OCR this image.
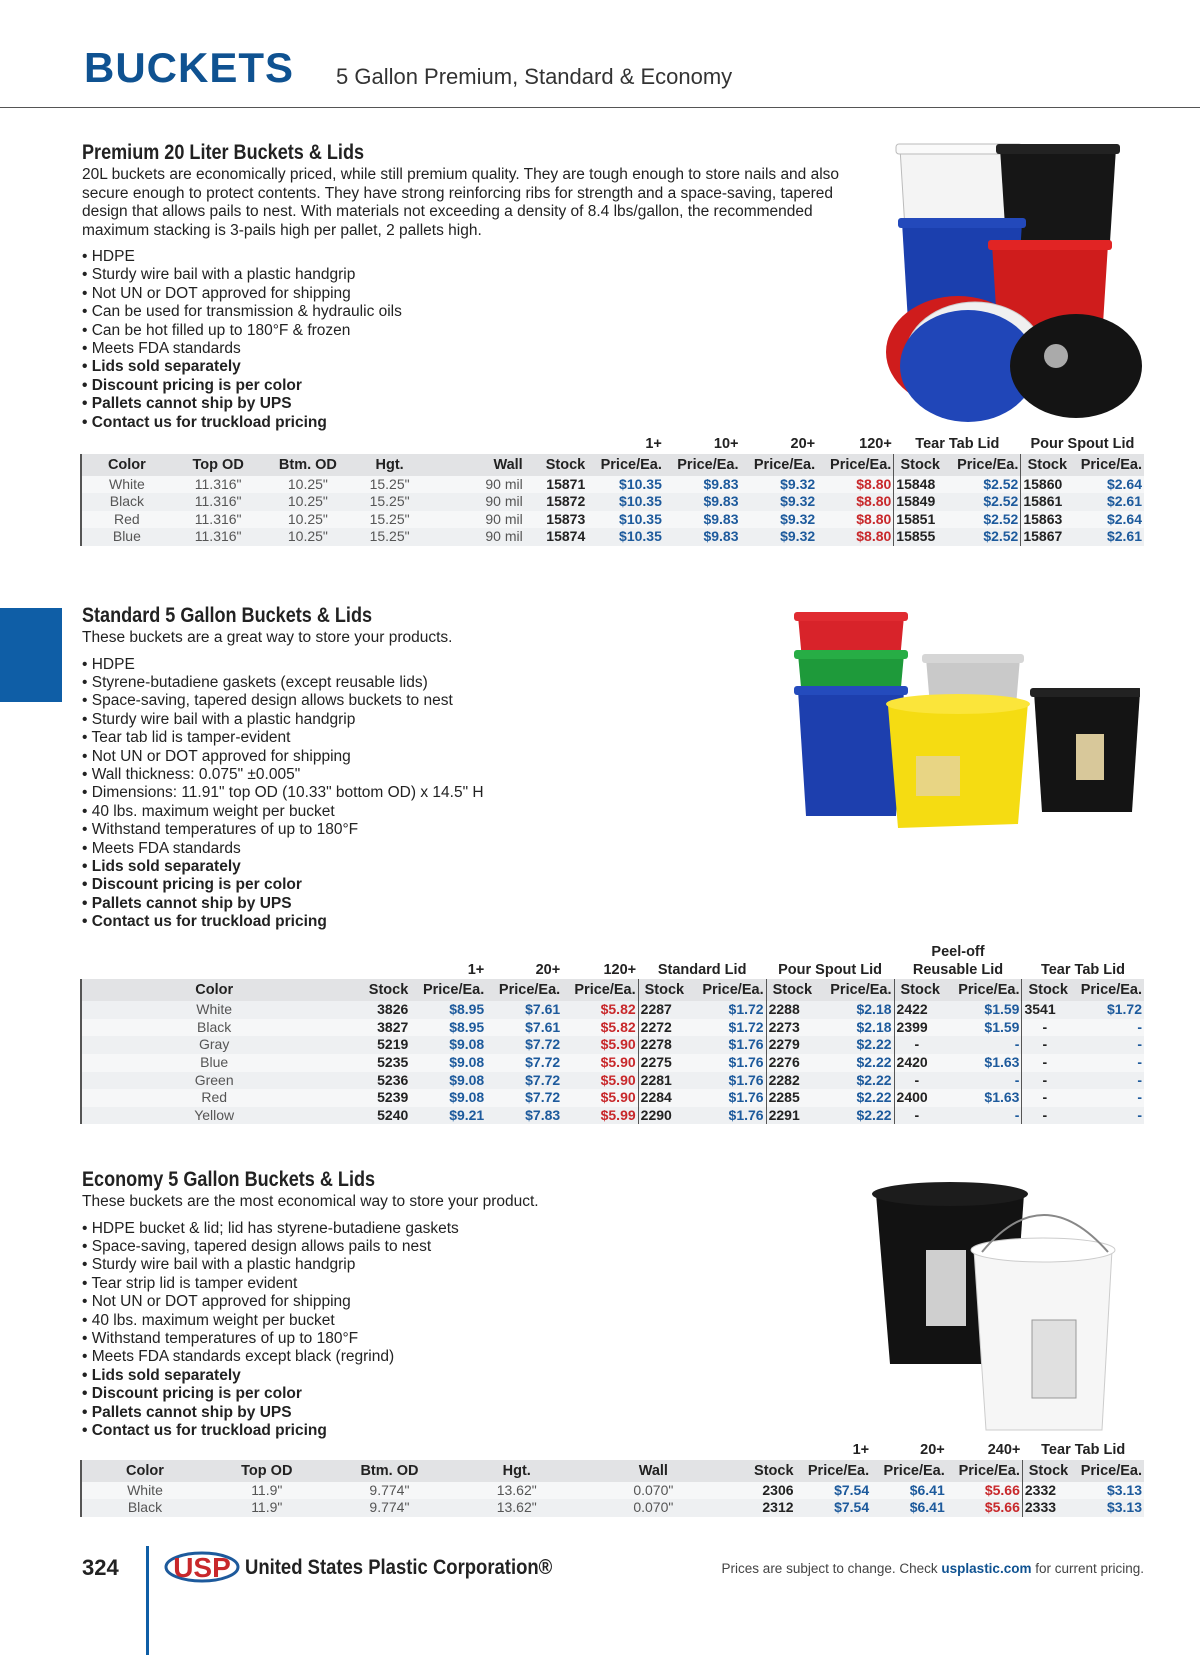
BUCKETS 5 Gallon Premium, Standard & Economy
Premium 20 Liter Buckets & Lids
20L buckets are economically priced, while still premium quality. They are tough enough to store nails and also secure enough to protect contents. They have strong reinforcing ribs for strength and a space-saving, tapered design that allows pails to nest. With materials not exceeding a density of 8.4 lbs/gallon, the recommended maximum stacking is 3-pails high per pallet, 2 pallets high.
• HDPE
• Sturdy wire bail with a plastic handgrip
• Not UN or DOT approved for shipping
• Can be used for transmission & hydraulic oils
• Can be hot filled up to 180°F & frozen
• Meets FDA standards
• Lids sold separately
• Discount pricing is per color
• Pallets cannot ship by UPS
• Contact us for truckload pricing
						1+	10+	20+	120+	Tear Tab Lid		Pour Spout Lid	
Color	Top OD	Btm. OD	Hgt.	Wall	Stock	Price/Ea.	Price/Ea.	Price/Ea.	Price/Ea.	Stock	Price/Ea.	Stock	Price/Ea.
White	11.316"	10.25"	15.25"	90 mil	15871	$10.35	$9.83	$9.32	$8.80	15848	$2.52	15860	$2.64
Black	11.316"	10.25"	15.25"	90 mil	15872	$10.35	$9.83	$9.32	$8.80	15849	$2.52	15861	$2.61
Red	11.316"	10.25"	15.25"	90 mil	15873	$10.35	$9.83	$9.32	$8.80	15851	$2.52	15863	$2.64
Blue	11.316"	10.25"	15.25"	90 mil	15874	$10.35	$9.83	$9.32	$8.80	15855	$2.52	15867	$2.61
Standard 5 Gallon Buckets & Lids
These buckets are a great way to store your products.
• HDPE
• Styrene-butadiene gaskets (except reusable lids)
• Space-saving, tapered design allows buckets to nest
• Sturdy wire bail with a plastic handgrip
• Tear tab lid is tamper-evident
• Not UN or DOT approved for shipping
• Wall thickness: 0.075" ±0.005"
• Dimensions: 11.91" top OD (10.33" bottom OD) x 14.5" H
• 40 lbs. maximum weight per bucket
• Withstand temperatures of up to 180°F
• Meets FDA standards
• Lids sold separately
• Discount pricing is per color
• Pallets cannot ship by UPS
• Contact us for truckload pricing
									Peel-off			
		1+	20+	120+	Standard Lid		Pour Spout Lid		Reusable Lid		Tear Tab Lid	
Color	Stock	Price/Ea.	Price/Ea.	Price/Ea.	Stock	Price/Ea.	Stock	Price/Ea.	Stock	Price/Ea.	Stock	Price/Ea.
White	3826	$8.95	$7.61	$5.82	2287	$1.72	2288	$2.18	2422	$1.59	3541	$1.72
Black	3827	$8.95	$7.61	$5.82	2272	$1.72	2273	$2.18	2399	$1.59	-	-
Gray	5219	$9.08	$7.72	$5.90	2278	$1.76	2279	$2.22	-	-	-	-
Blue	5235	$9.08	$7.72	$5.90	2275	$1.76	2276	$2.22	2420	$1.63	-	-
Green	5236	$9.08	$7.72	$5.90	2281	$1.76	2282	$2.22	-	-	-	-
Red	5239	$9.08	$7.72	$5.90	2284	$1.76	2285	$2.22	2400	$1.63	-	-
Yellow	5240	$9.21	$7.83	$5.99	2290	$1.76	2291	$2.22	-	-	-	-
Economy 5 Gallon Buckets & Lids
These buckets are the most economical way to store your product.
• HDPE bucket & lid; lid has styrene-butadiene gaskets
• Space-saving, tapered design allows pails to nest
• Sturdy wire bail with a plastic handgrip
• Tear strip lid is tamper evident
• Not UN or DOT approved for shipping
• 40 lbs. maximum weight per bucket
• Withstand temperatures of up to 180°F
• Meets FDA standards except black (regrind)
• Lids sold separately
• Discount pricing is per color
• Pallets cannot ship by UPS
• Contact us for truckload pricing
						1+	20+	240+	Tear Tab Lid	
Color	Top OD	Btm. OD	Hgt.	Wall	Stock	Price/Ea.	Price/Ea.	Price/Ea.	Stock	Price/Ea.
White	11.9"	9.774"	13.62"	0.070"	2306	$7.54	$6.41	$5.66	2332	$3.13
Black	11.9"	9.774"	13.62"	0.070"	2312	$7.54	$6.41	$5.66	2333	$3.13
324 USP United States Plastic Corporation®	Prices are subject to change. Check usplastic.com for current pricing.
